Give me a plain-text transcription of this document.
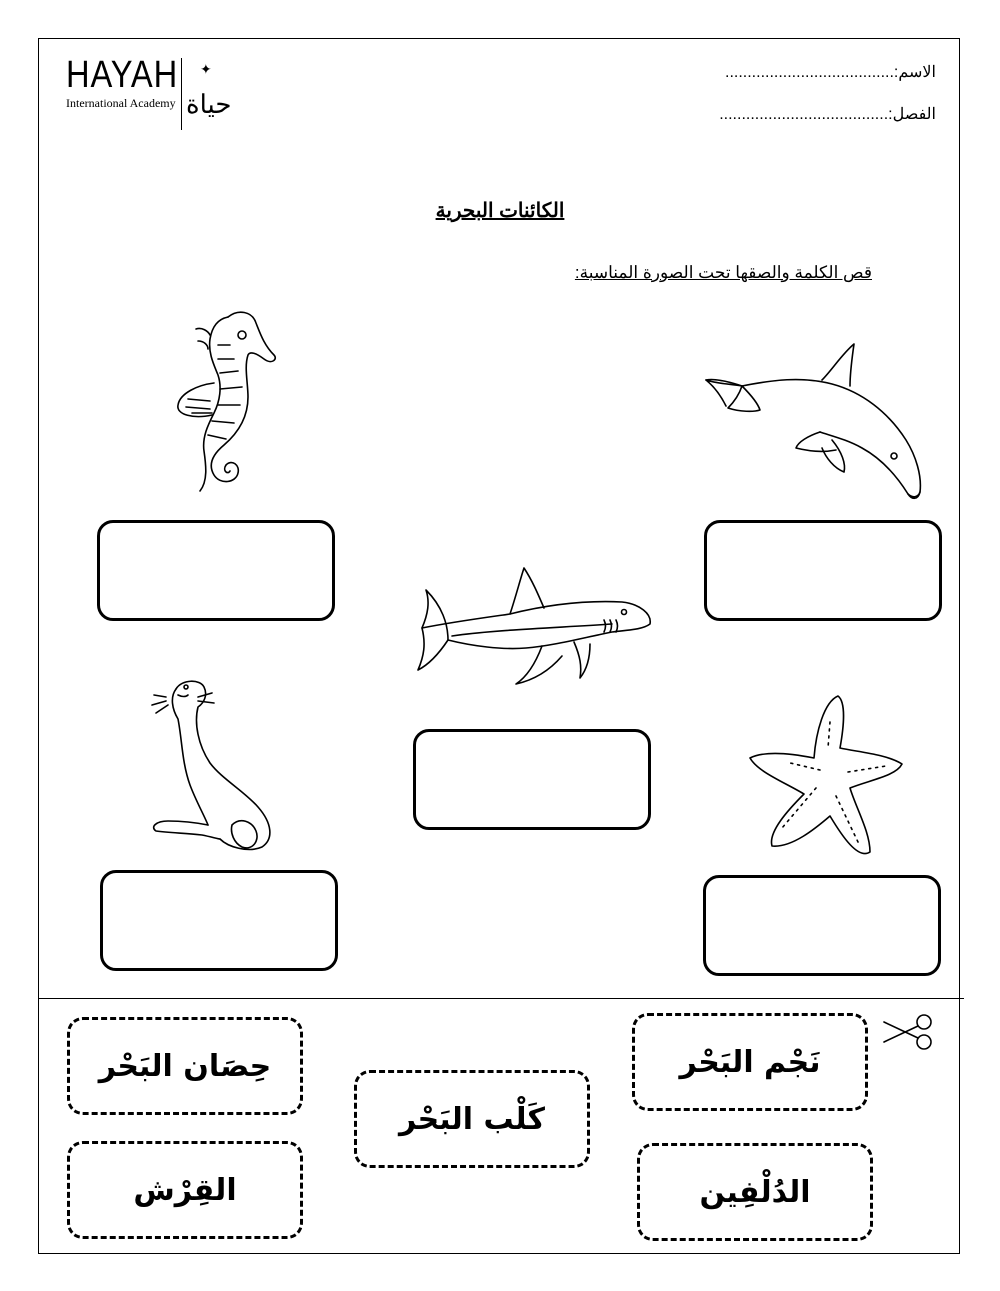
HAYAH
International Academy
✦
حياة
الاسم:......................................
الفصل:......................................
الكائنات البحرية
قص الكلمة والصقها تحت الصورة المناسبة:
حِصَان البَحْر	نَجْم البَحْر
كَلْب البَحْر
القِرْش	الدُلْفِين
